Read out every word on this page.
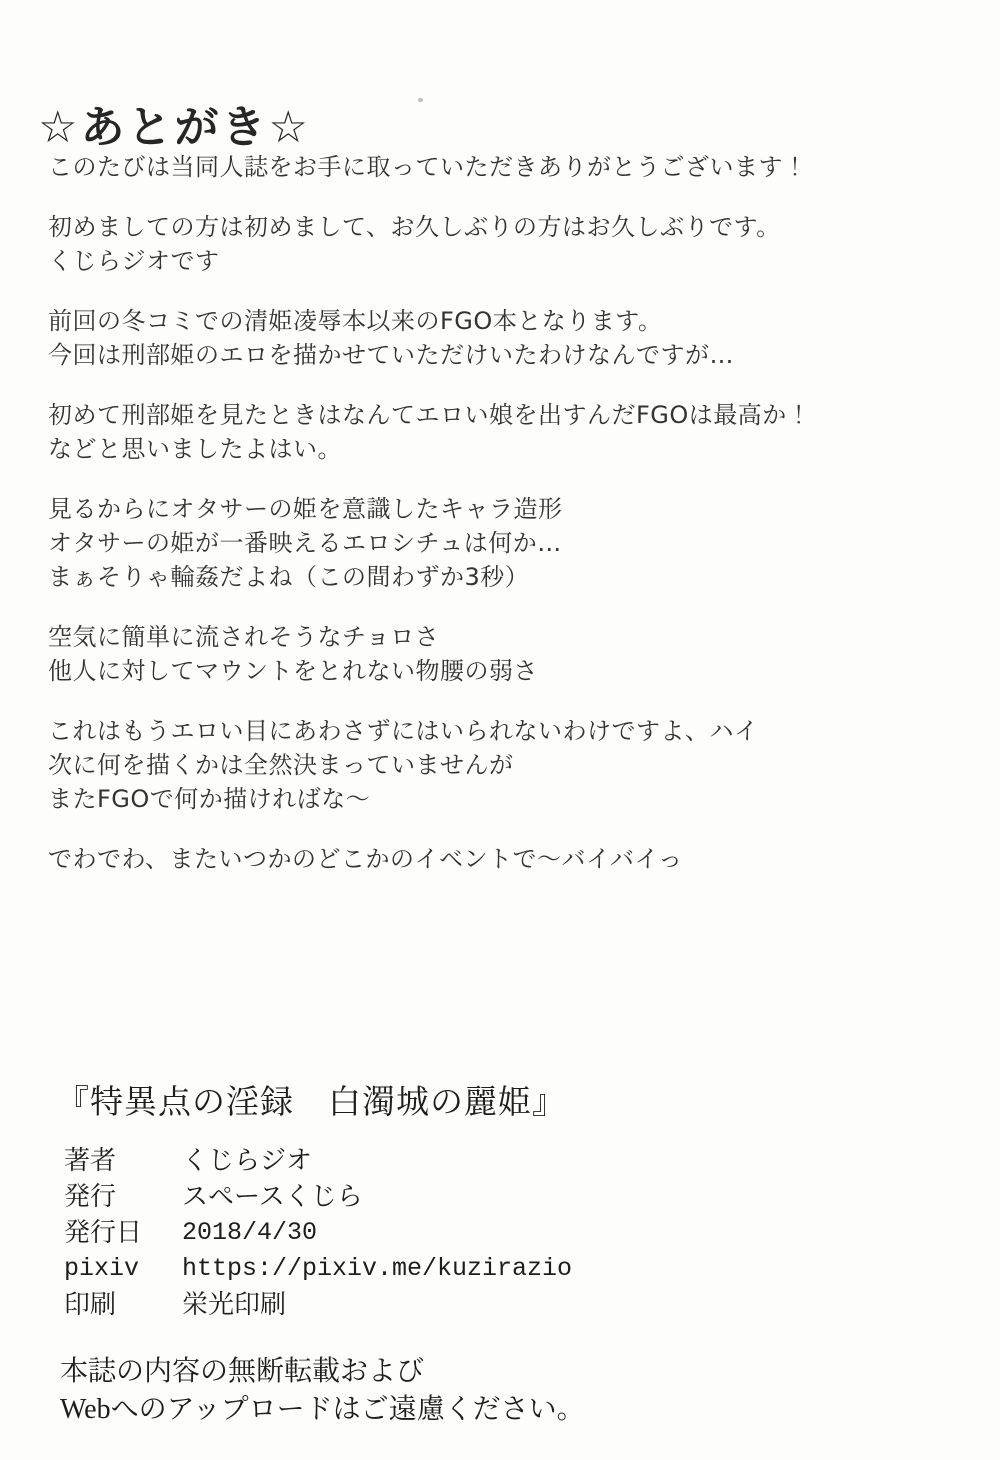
☆あとがき☆
このたびは当同人誌をお手に取っていただきありがとうございます！
初めましての方は初めまして、お久しぶりの方はお久しぶりです。
くじらジオです
前回の冬コミでの清姫凌辱本以来のFGO本となります。
今回は刑部姫のエロを描かせていただけいたわけなんですが…
初めて刑部姫を見たときはなんてエロい娘を出すんだFGOは最高か！
などと思いましたよはい。
見るからにオタサーの姫を意識したキャラ造形
オタサーの姫が一番映えるエロシチュは何か…
まぁそりゃ輪姦だよね（この間わずか3秒）
空気に簡単に流されそうなチョロさ
他人に対してマウントをとれない物腰の弱さ
これはもうエロい目にあわさずにはいられないわけですよ、ハイ
次に何を描くかは全然決まっていませんが
またFGOで何か描ければな～
でわでわ、またいつかのどこかのイベントで～バイバイっ
『特異点の淫録　白濁城の麗姫』
著者	くじらジオ
発行	スペースくじら
発行日	2018/4/30
pixiv	https://pixiv.me/kuzirazio
印刷	栄光印刷
本誌の内容の無断転載および
Webへのアップロードはご遠慮ください。
